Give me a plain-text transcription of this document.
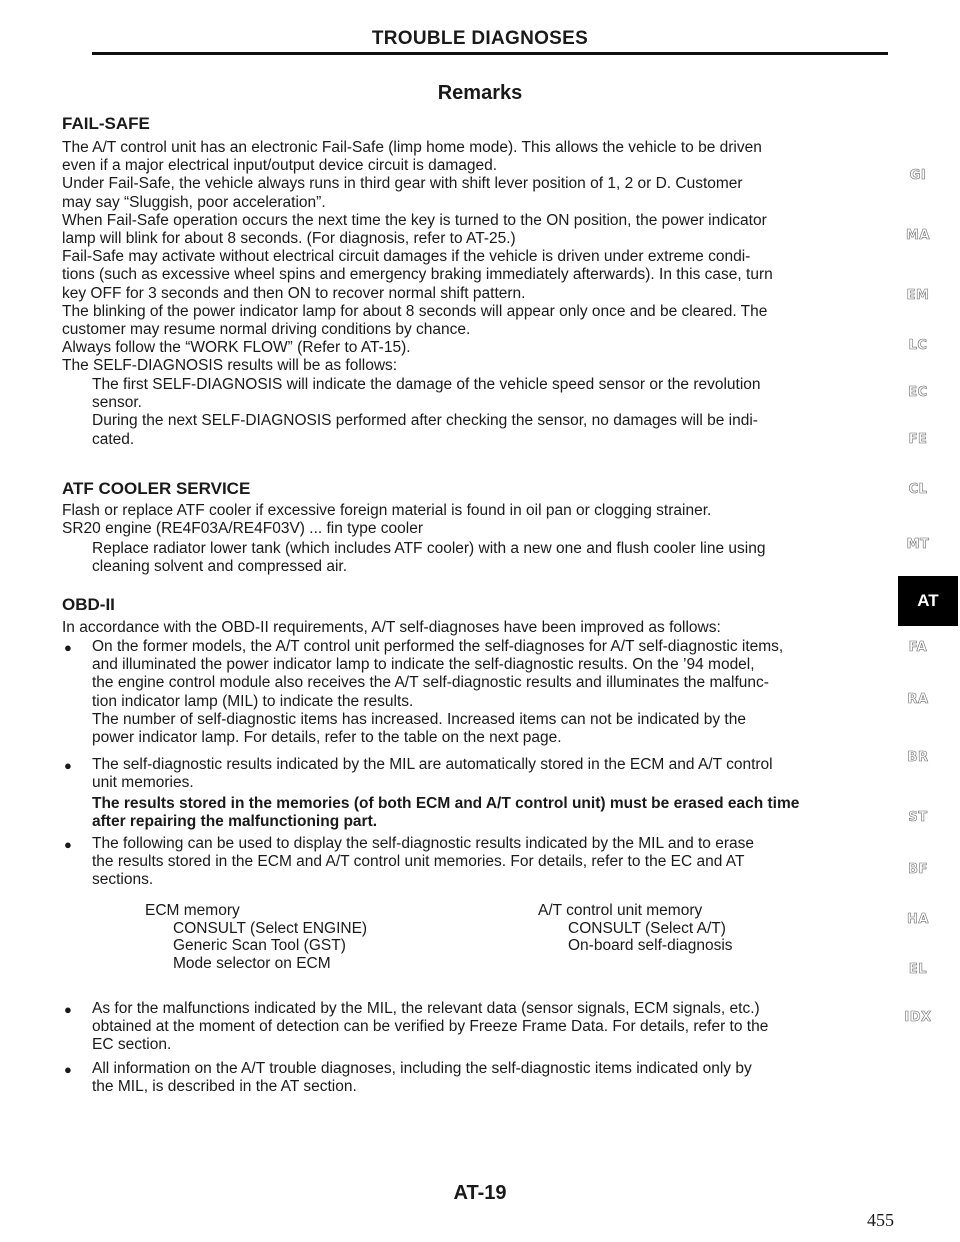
TROUBLE DIAGNOSES
Remarks
FAIL-SAFE
The A/T control unit has an electronic Fail-Safe (limp home mode). This allows the vehicle to be driven
even if a major electrical input/output device circuit is damaged.
Under Fail-Safe, the vehicle always runs in third gear with shift lever position of 1, 2 or D. Customer
may say “Sluggish, poor acceleration”.
When Fail-Safe operation occurs the next time the key is turned to the ON position, the power indicator
lamp will blink for about 8 seconds. (For diagnosis, refer to AT-25.)
Fail-Safe may activate without electrical circuit damages if the vehicle is driven under extreme condi-
tions (such as excessive wheel spins and emergency braking immediately afterwards). In this case, turn
key OFF for 3 seconds and then ON to recover normal shift pattern.
The blinking of the power indicator lamp for about 8 seconds will appear only once and be cleared. The
customer may resume normal driving conditions by chance.
Always follow the “WORK FLOW” (Refer to AT-15).
The SELF-DIAGNOSIS results will be as follows:
The first SELF-DIAGNOSIS will indicate the damage of the vehicle speed sensor or the revolution
sensor.
During the next SELF-DIAGNOSIS performed after checking the sensor, no damages will be indi-
cated.
ATF COOLER SERVICE
Flash or replace ATF cooler if excessive foreign material is found in oil pan or clogging strainer.
SR20 engine (RE4F03A/RE4F03V) ... fin type cooler
Replace radiator lower tank (which includes ATF cooler) with a new one and flush cooler line using
cleaning solvent and compressed air.
OBD-II
In accordance with the OBD-II requirements, A/T self-diagnoses have been improved as follows:
● On the former models, the A/T control unit performed the self-diagnoses for A/T self-diagnostic items,
and illuminated the power indicator lamp to indicate the self-diagnostic results. On the ’94 model,
the engine control module also receives the A/T self-diagnostic results and illuminates the malfunc-
tion indicator lamp (MIL) to indicate the results.
The number of self-diagnostic items has increased. Increased items can not be indicated by the
power indicator lamp. For details, refer to the table on the next page.
● The self-diagnostic results indicated by the MIL are automatically stored in the ECM and A/T control
unit memories.
The results stored in the memories (of both ECM and A/T control unit) must be erased each time
after repairing the malfunctioning part.
● The following can be used to display the self-diagnostic results indicated by the MIL and to erase
the results stored in the ECM and A/T control unit memories. For details, refer to the EC and AT
sections.
ECM memory
CONSULT (Select ENGINE)
Generic Scan Tool (GST)
Mode selector on ECM
A/T control unit memory
CONSULT (Select A/T)
On-board self-diagnosis
● As for the malfunctions indicated by the MIL, the relevant data (sensor signals, ECM signals, etc.)
obtained at the moment of detection can be verified by Freeze Frame Data. For details, refer to the
EC section.
● All information on the A/T trouble diagnoses, including the self-diagnostic items indicated only by
the MIL, is described in the AT section.
GI
MA
EM
LC
EC
FE
CL
MT
AT
FA
RA
BR
ST
BF
HA
EL
IDX
AT-19
455
